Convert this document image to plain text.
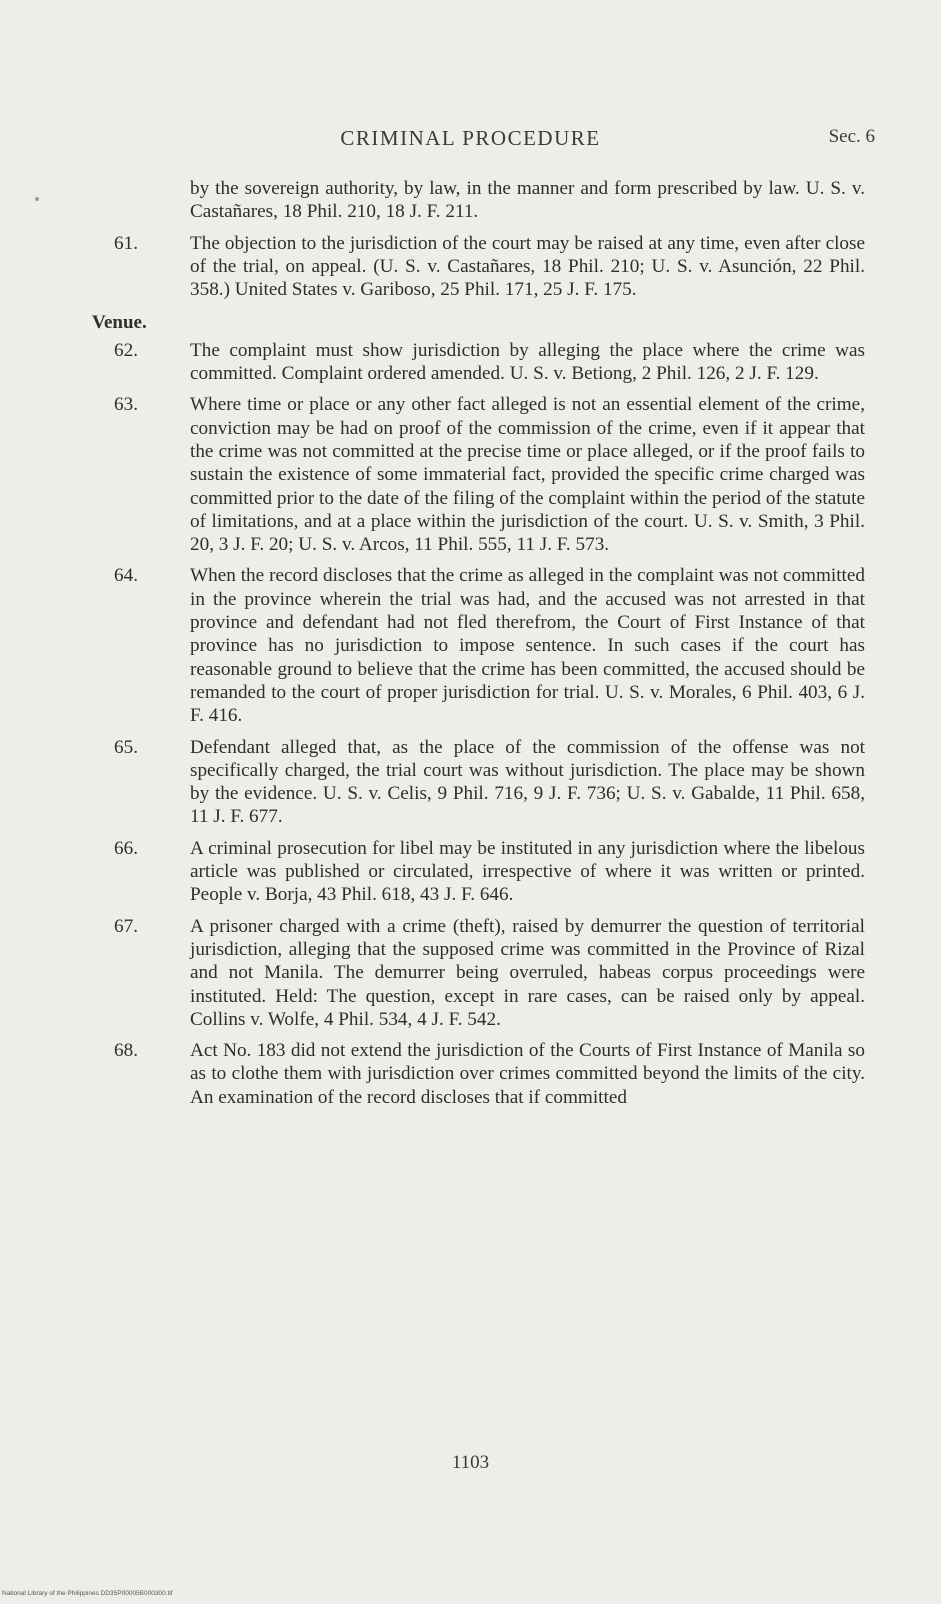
CRIMINAL PROCEDURE	Sec. 6

by the sovereign authority, by law, in the manner and form prescribed by law. U. S. v. Castañares, 18 Phil. 210, 18 J. F. 211.

61.	The objection to the jurisdiction of the court may be raised at any time, even after close of the trial, on appeal. (U. S. v. Castañares, 18 Phil. 210; U. S. v. Asunción, 22 Phil. 358.) United States v. Gariboso, 25 Phil. 171, 25 J. F. 175.

Venue.
62.	The complaint must show jurisdiction by alleging the place where the crime was committed. Complaint ordered amended. U. S. v. Betiong, 2 Phil. 126, 2 J. F. 129.

63.	Where time or place or any other fact alleged is not an essential element of the crime, conviction may be had on proof of the commission of the crime, even if it appear that the crime was not committed at the precise time or place alleged, or if the proof fails to sustain the existence of some immaterial fact, provided the specific crime charged was committed prior to the date of the filing of the complaint within the period of the statute of limitations, and at a place within the jurisdiction of the court. U. S. v. Smith, 3 Phil. 20, 3 J. F. 20; U. S. v. Arcos, 11 Phil. 555, 11 J. F. 573.

64.	When the record discloses that the crime as alleged in the complaint was not committed in the province wherein the trial was had, and the accused was not arrested in that province and defendant had not fled therefrom, the Court of First Instance of that province has no jurisdiction to impose sentence. In such cases if the court has reasonable ground to believe that the crime has been committed, the accused should be remanded to the court of proper jurisdiction for trial. U. S. v. Morales, 6 Phil. 403, 6 J. F. 416.

65.	Defendant alleged that, as the place of the commission of the offense was not specifically charged, the trial court was without jurisdiction. The place may be shown by the evidence. U. S. v. Celis, 9 Phil. 716, 9 J. F. 736; U. S. v. Gabalde, 11 Phil. 658, 11 J. F. 677.

66.	A criminal prosecution for libel may be instituted in any jurisdiction where the libelous article was published or circulated, irrespective of where it was written or printed. People v. Borja, 43 Phil. 618, 43 J. F. 646.

67.	A prisoner charged with a crime (theft), raised by demurrer the question of territorial jurisdiction, alleging that the supposed crime was committed in the Province of Rizal and not Manila. The demurrer being overruled, habeas corpus proceedings were instituted. Held: The question, except in rare cases, can be raised only by appeal. Collins v. Wolfe, 4 Phil. 534, 4 J. F. 542.

68.	Act No. 183 did not extend the jurisdiction of the Courts of First Instance of Manila so as to clothe them with jurisdiction over crimes committed beyond the limits of the city. An examination of the record discloses that if committed

1103
National Library of the Philippines DD35P00005B000300.tif
